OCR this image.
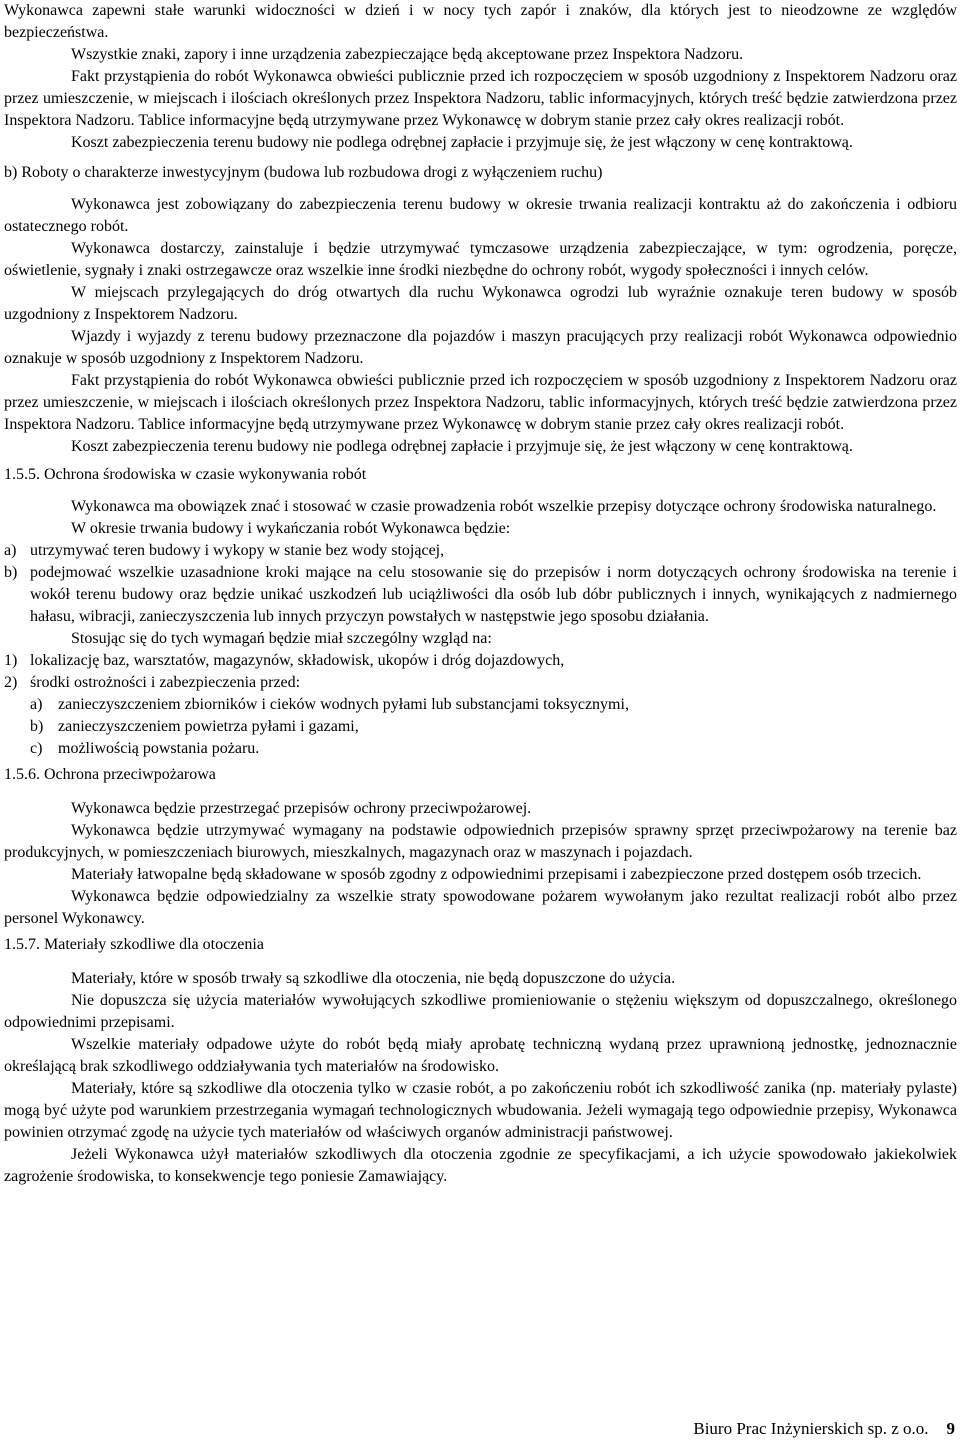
Wykonawca zapewni stałe warunki widoczności w dzień i w nocy tych zapór i znaków, dla których jest to nieodzowne ze względów bezpieczeństwa.

Wszystkie znaki, zapory i inne urządzenia zabezpieczające będą akceptowane przez Inspektora Nadzoru.

Fakt przystąpienia do robót Wykonawca obwieści publicznie przed ich rozpoczęciem w sposób uzgodniony z Inspektorem Nadzoru oraz przez umieszczenie, w miejscach i ilościach określonych przez Inspektora Nadzoru, tablic informacyjnych, których treść będzie zatwierdzona przez Inspektora Nadzoru. Tablice informacyjne będą utrzymywane przez Wykonawcę w dobrym stanie przez cały okres realizacji robót.

Koszt zabezpieczenia terenu budowy nie podlega odrębnej zapłacie i przyjmuje się, że jest włączony w cenę kontraktową.

b) Roboty o charakterze inwestycyjnym (budowa lub rozbudowa drogi z wyłączeniem ruchu)

Wykonawca jest zobowiązany do zabezpieczenia terenu budowy w okresie trwania realizacji kontraktu aż do zakończenia i odbioru ostatecznego robót.

Wykonawca dostarczy, zainstaluje i będzie utrzymywać tymczasowe urządzenia zabezpieczające, w tym: ogrodzenia, poręcze, oświetlenie, sygnały i znaki ostrzegawcze oraz wszelkie inne środki niezbędne do ochrony robót, wygody społeczności i innych celów.

W miejscach przylegających do dróg otwartych dla ruchu Wykonawca ogrodzi lub wyraźnie oznakuje teren budowy w sposób uzgodniony z Inspektorem Nadzoru.

Wjazdy i wyjazdy z terenu budowy przeznaczone dla pojazdów i maszyn pracujących przy realizacji robót Wykonawca odpowiednio oznakuje w sposób uzgodniony z Inspektorem Nadzoru.

Fakt przystąpienia do robót Wykonawca obwieści publicznie przed ich rozpoczęciem w sposób uzgodniony z Inspektorem Nadzoru oraz przez umieszczenie, w miejscach i ilościach określonych przez Inspektora Nadzoru, tablic informacyjnych, których treść będzie zatwierdzona przez Inspektora Nadzoru. Tablice informacyjne będą utrzymywane przez Wykonawcę w dobrym stanie przez cały okres realizacji robót.

Koszt zabezpieczenia terenu budowy nie podlega odrębnej zapłacie i przyjmuje się, że jest włączony w cenę kontraktową.

1.5.5. Ochrona środowiska w czasie wykonywania robót

Wykonawca ma obowiązek znać i stosować w czasie prowadzenia robót wszelkie przepisy dotyczące ochrony środowiska naturalnego.

W okresie trwania budowy i wykańczania robót Wykonawca będzie:

a) utrzymywać teren budowy i wykopy w stanie bez wody stojącej,
b) podejmować wszelkie uzasadnione kroki mające na celu stosowanie się do przepisów i norm dotyczących ochrony środowiska na terenie i wokół terenu budowy oraz będzie unikać uszkodzeń lub uciążliwości dla osób lub dóbr publicznych i innych, wynikających z nadmiernego hałasu, wibracji, zanieczyszczenia lub innych przyczyn powstałych w następstwie jego sposobu działania.

Stosując się do tych wymagań będzie miał szczególny wzgląd na:

1) lokalizację baz, warsztatów, magazynów, składowisk, ukopów i dróg dojazdowych,
2) środki ostrożności i zabezpieczenia przed:
a) zanieczyszczeniem zbiorników i cieków wodnych pyłami lub substancjami toksycznymi,
b) zanieczyszczeniem powietrza pyłami i gazami,
c) możliwością powstania pożaru.

1.5.6. Ochrona przeciwpożarowa

Wykonawca będzie przestrzegać przepisów ochrony przeciwpożarowej.

Wykonawca będzie utrzymywać wymagany na podstawie odpowiednich przepisów sprawny sprzęt przeciwpożarowy na terenie baz produkcyjnych, w pomieszczeniach biurowych, mieszkalnych, magazynach oraz w maszynach i pojazdach.

Materiały łatwopalne będą składowane w sposób zgodny z odpowiednimi przepisami i zabezpieczone przed dostępem osób trzecich.

Wykonawca będzie odpowiedzialny za wszelkie straty spowodowane pożarem wywołanym jako rezultat realizacji robót albo przez personel Wykonawcy.

1.5.7. Materiały szkodliwe dla otoczenia

Materiały, które w sposób trwały są szkodliwe dla otoczenia, nie będą dopuszczone do użycia.

Nie dopuszcza się użycia materiałów wywołujących szkodliwe promieniowanie o stężeniu większym od dopuszczalnego, określonego odpowiednimi przepisami.

Wszelkie materiały odpadowe użyte do robót będą miały aprobatę techniczną wydaną przez uprawnioną jednostkę, jednoznacznie określającą brak szkodliwego oddziaływania tych materiałów na środowisko.

Materiały, które są szkodliwe dla otoczenia tylko w czasie robót, a po zakończeniu robót ich szkodliwość zanika (np. materiały pylaste) mogą być użyte pod warunkiem przestrzegania wymagań technologicznych wbudowania. Jeżeli wymagają tego odpowiednie przepisy, Wykonawca powinien otrzymać zgodę na użycie tych materiałów od właściwych organów administracji państwowej.

Jeżeli Wykonawca użył materiałów szkodliwych dla otoczenia zgodnie ze specyfikacjami, a ich użycie spowodowało jakiekolwiek zagrożenie środowiska, to konsekwencje tego poniesie Zamawiający.

Biuro Prac Inżynierskich sp. z o.o. 9
